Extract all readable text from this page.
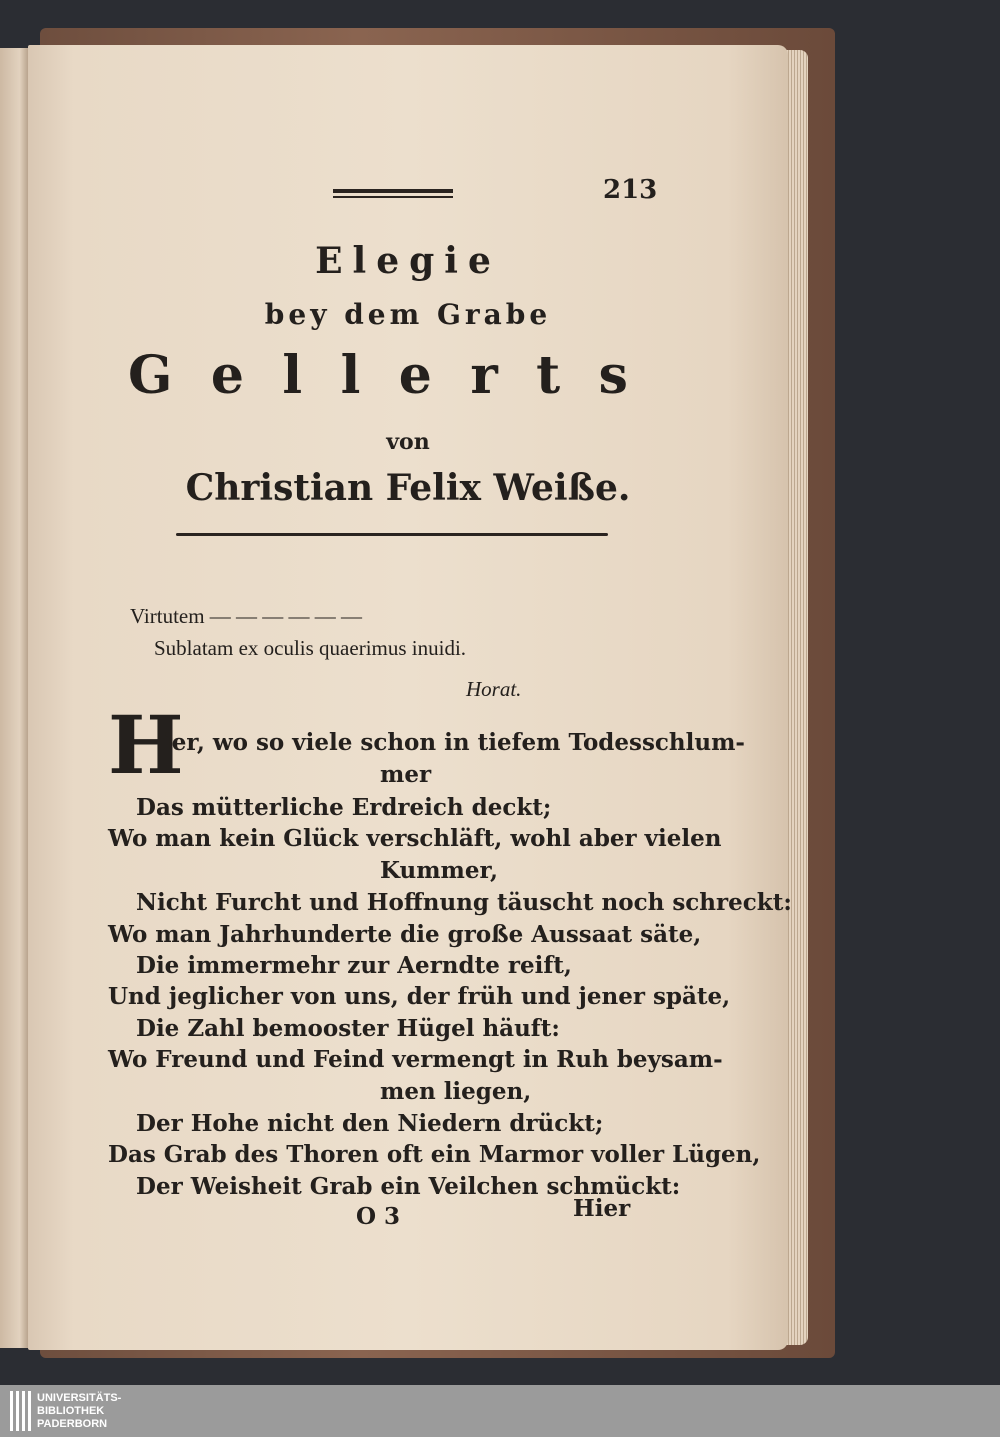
213
Elegie
bey dem Grabe
G e l l e r t s
von
Christian Felix Weiße.
Virtutem — — — — — —
Sublatam ex oculis quaerimus inuidi.
Horat.
H
ier, wo so viele schon in tiefem Todesschlum-
mer
Das mütterliche Erdreich deckt;
Wo man kein Glück verschläft, wohl aber vielen
Kummer,
Nicht Furcht und Hoffnung täuscht noch schreckt:
Wo man Jahrhunderte die große Aussaat säte,
Die immermehr zur Aerndte reift,
Und jeglicher von uns, der früh und jener späte,
Die Zahl bemooster Hügel häuft:
Wo Freund und Feind vermengt in Ruh beysam-
men liegen,
Der Hohe nicht den Niedern drückt;
Das Grab des Thoren oft ein Marmor voller Lügen,
Der Weisheit Grab ein Veilchen schmückt:
O 3	Hier
UNIVERSITÄTS-
BIBLIOTHEK
PADERBORN
